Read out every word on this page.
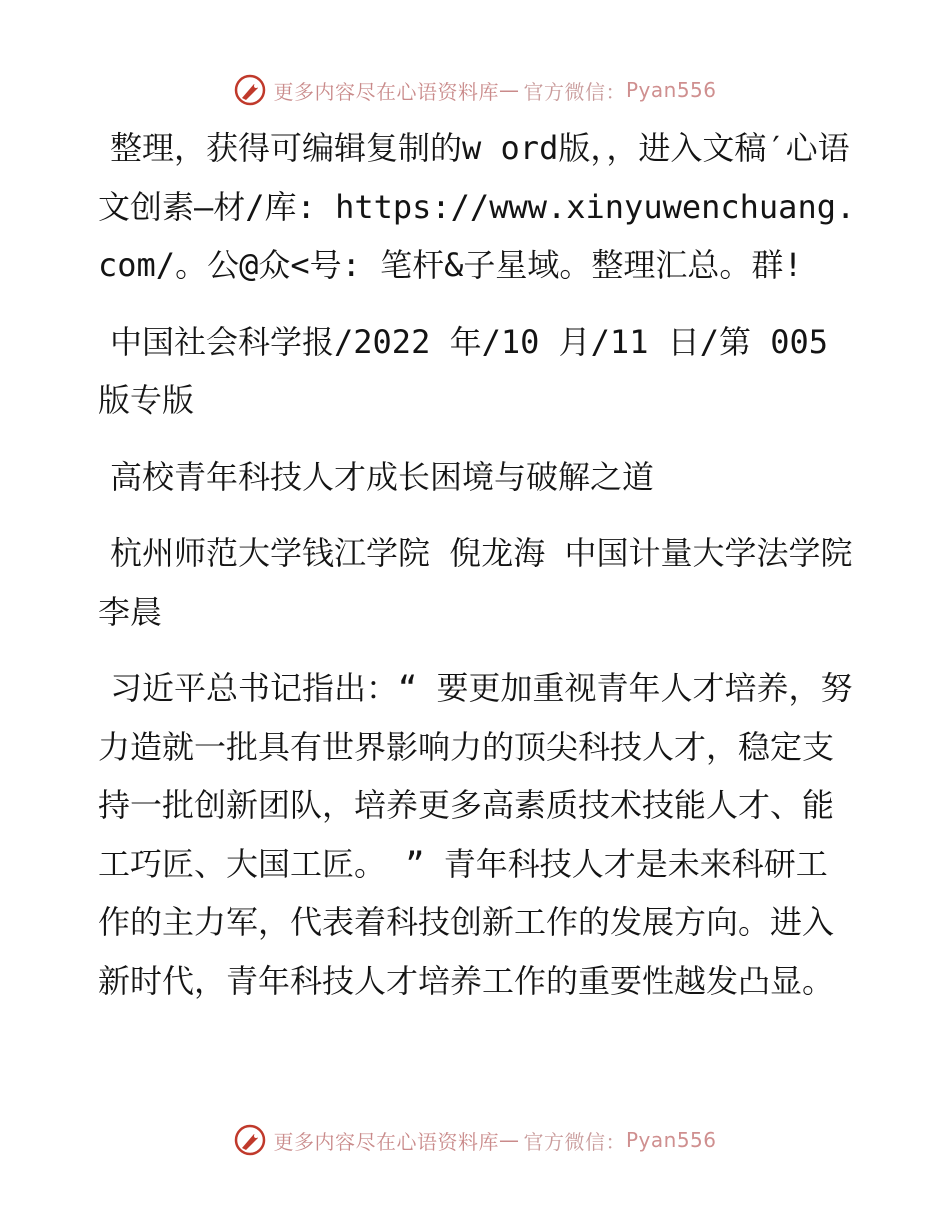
更多内容尽在心语资料库 — 官方微信： Pyan556

整理，获得可编辑复制的w ord版，，进入文稿′心语文创素—材/库: https://www.xinyuwenchuang.com/。公@众<号: 笔杆&子星域。整理汇总。群!

中国社会科学报/2022 年/10 月/11 日/第 005 版专版

高校青年科技人才成长困境与破解之道

杭州师范大学钱江学院 倪龙海 中国计量大学法学院 李晨

习近平总书记指出：“ 要更加重视青年人才培养，努力造就一批具有世界影响力的顶尖科技人才，稳定支持一批创新团队，培养更多高素质技术技能人才、能工巧匠、大国工匠。 ” 青年科技人才是未来科研工作的主力军，代表着科技创新工作的发展方向。进入新时代，青年科技人才培养工作的重要性越发凸显。

更多内容尽在心语资料库 — 官方微信： Pyan556
